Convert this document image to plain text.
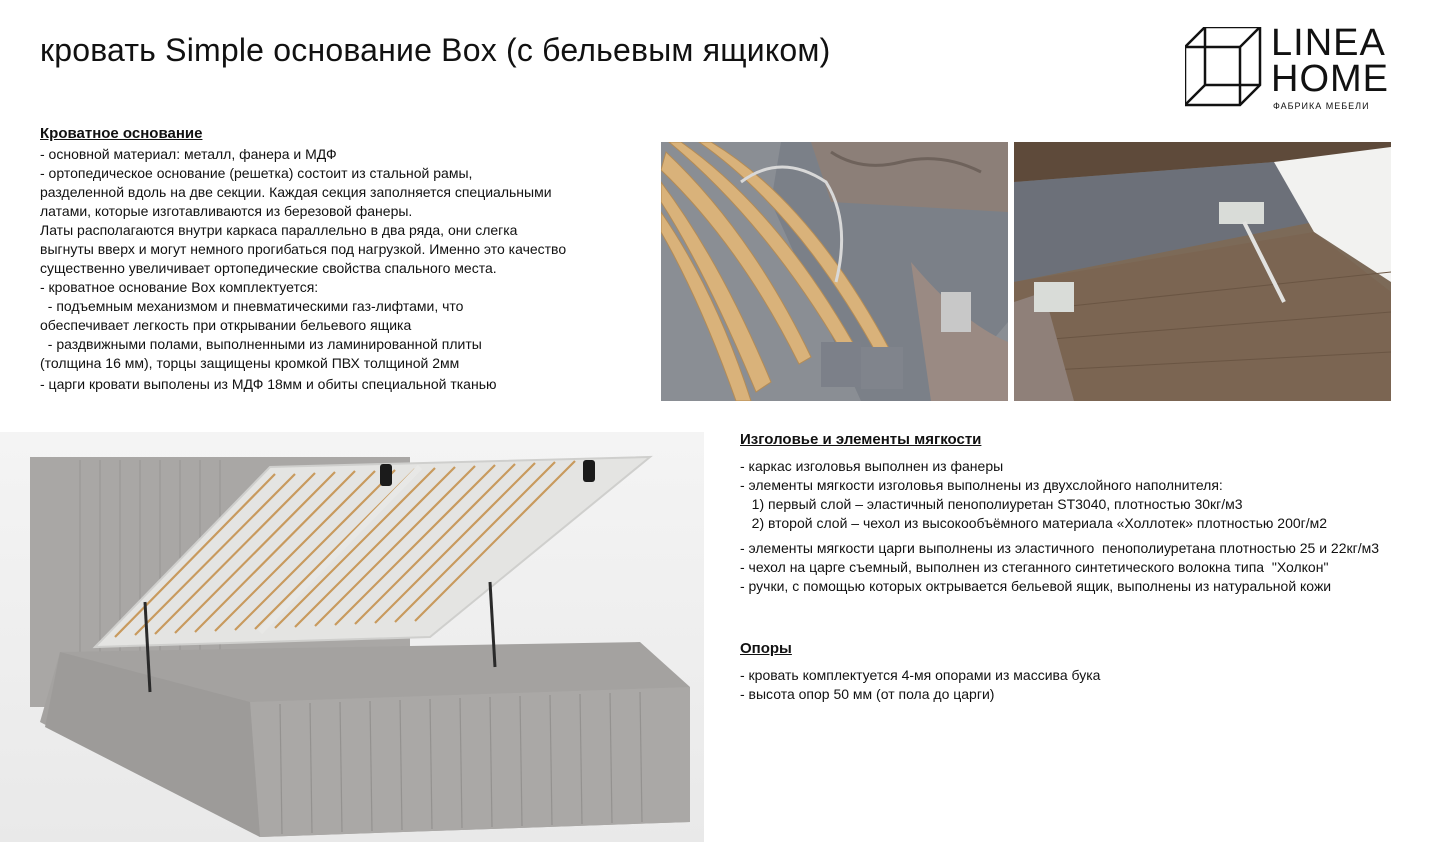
кровать Simple основание Box (с бельевым ящиком)	LINEA
HOME
ФАБРИКА МЕБЕЛИ
Кроватное основание

- основной материал: металл, фанера и МДФ

- ортопедическое основание (решетка) состоит из стальной рамы,

разделенной вдоль на две секции. Каждая секция заполняется специальными

латами, которые изготавливаются из березовой фанеры.

Латы располагаются внутри каркаса параллельно в два ряда, они слегка

выгнуты вверх и могут немного прогибаться под нагрузкой. Именно это качество

существенно увеличивает ортопедические свойства спального места.

- кроватное основание Box комплектуется:

- подъемным механизмом и пневматическими газ-лифтами, что

обеспечивает легкость при открывании бельевого ящика

- раздвижными полами, выполненными из ламинированной плиты

(толщина 16 мм), торцы защищены кромкой ПВХ толщиной 2мм

- царги кровати выполены из МДФ 18мм и обиты специальной тканью

Изголовье и элементы мягкости

- каркас изголовья выполнен из фанеры

- элементы мягкости изголовья выполнены из двухслойного наполнителя:

1) первый слой – эластичный пенополиуретан ST3040, плотностью 30кг/м3

2) второй слой – чехол из высокообъёмного материала «Холлотек» плотностью 200г/м2

- элементы мягкости царги выполнены из эластичного  пенополиуретана плотностью 25 и 22кг/м3

- чехол на царге съемный, выполнен из стеганного синтетического волокна типа  "Холкон"

- ручки, с помощью которых октрывается бельевой ящик, выполнены из натуральной кожи

Опоры

- кровать комплектуется 4-мя опорами из массива бука

- высота опор 50 мм (от пола до царги)
